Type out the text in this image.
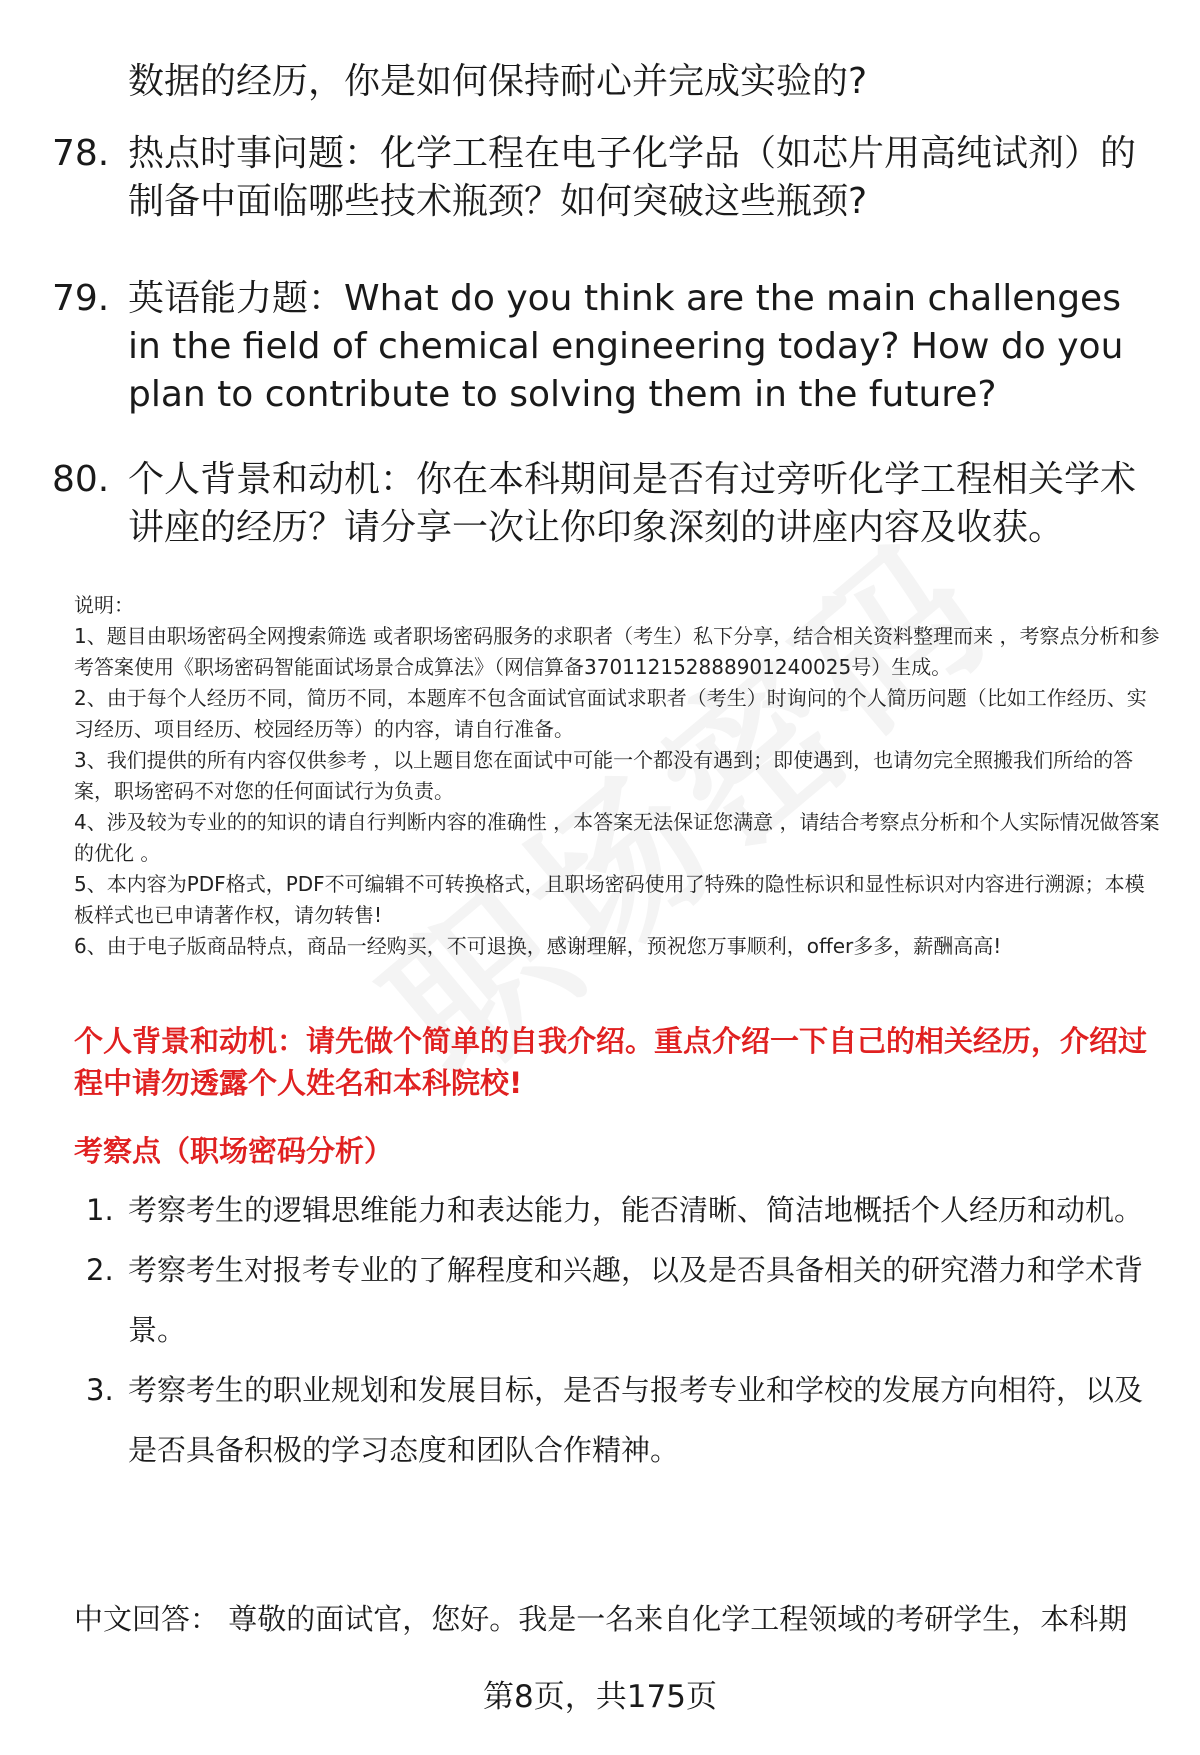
数据的经历，你是如何保持耐心并完成实验的?
78. 热点时事问题：化学工程在电子化学品（如芯片用高纯试剂）的制备中面临哪些技术瓶颈？如何突破这些瓶颈?
79. 英语能力题：What do you think are the main challenges in the field of chemical engineering today? How do you plan to contribute to solving them in the future?
80. 个人背景和动机：你在本科期间是否有过旁听化学工程相关学术讲座的经历？请分享一次让你印象深刻的讲座内容及收获。
说明：
1、题目由职场密码全网搜索筛选 或者职场密码服务的求职者（考生）私下分享，结合相关资料整理而来 ，考察点分析和参考答案使用《职场密码智能面试场景合成算法》（网信算备370112152888901240025号）生成。
2、由于每个人经历不同，简历不同，本题库不包含面试官面试求职者（考生）时询问的个人简历问题（比如工作经历、实习经历、项目经历、校园经历等）的内容，请自行准备。
3、我们提供的所有内容仅供参考 ，以上题目您在面试中可能一个都没有遇到；即使遇到，也请勿完全照搬我们所给的答案，职场密码不对您的任何面试行为负责。
4、涉及较为专业的的知识的请自行判断内容的准确性 ，本答案无法保证您满意 ，请结合考察点分析和个人实际情况做答案的优化 。
5、本内容为PDF格式，PDF不可编辑不可转换格式，且职场密码使用了特殊的隐性标识和显性标识对内容进行溯源；本模板样式也已申请著作权，请勿转售!
6、由于电子版商品特点，商品一经购买，不可退换，感谢理解，预祝您万事顺利，offer多多，薪酬高高!
个人背景和动机：请先做个简单的自我介绍。重点介绍一下自己的相关经历，介绍过程中请勿透露个人姓名和本科院校!
考察点（职场密码分析）
1. 考察考生的逻辑思维能力和表达能力，能否清晰、简洁地概括个人经历和动机。
2. 考察考生对报考专业的了解程度和兴趣，以及是否具备相关的研究潜力和学术背景。
3. 考察考生的职业规划和发展目标，是否与报考专业和学校的发展方向相符，以及是否具备积极的学习态度和团队合作精神。
中文回答： 尊敬的面试官，您好。我是一名来自化学工程领域的考研学生，本科期
第8页，共175页
